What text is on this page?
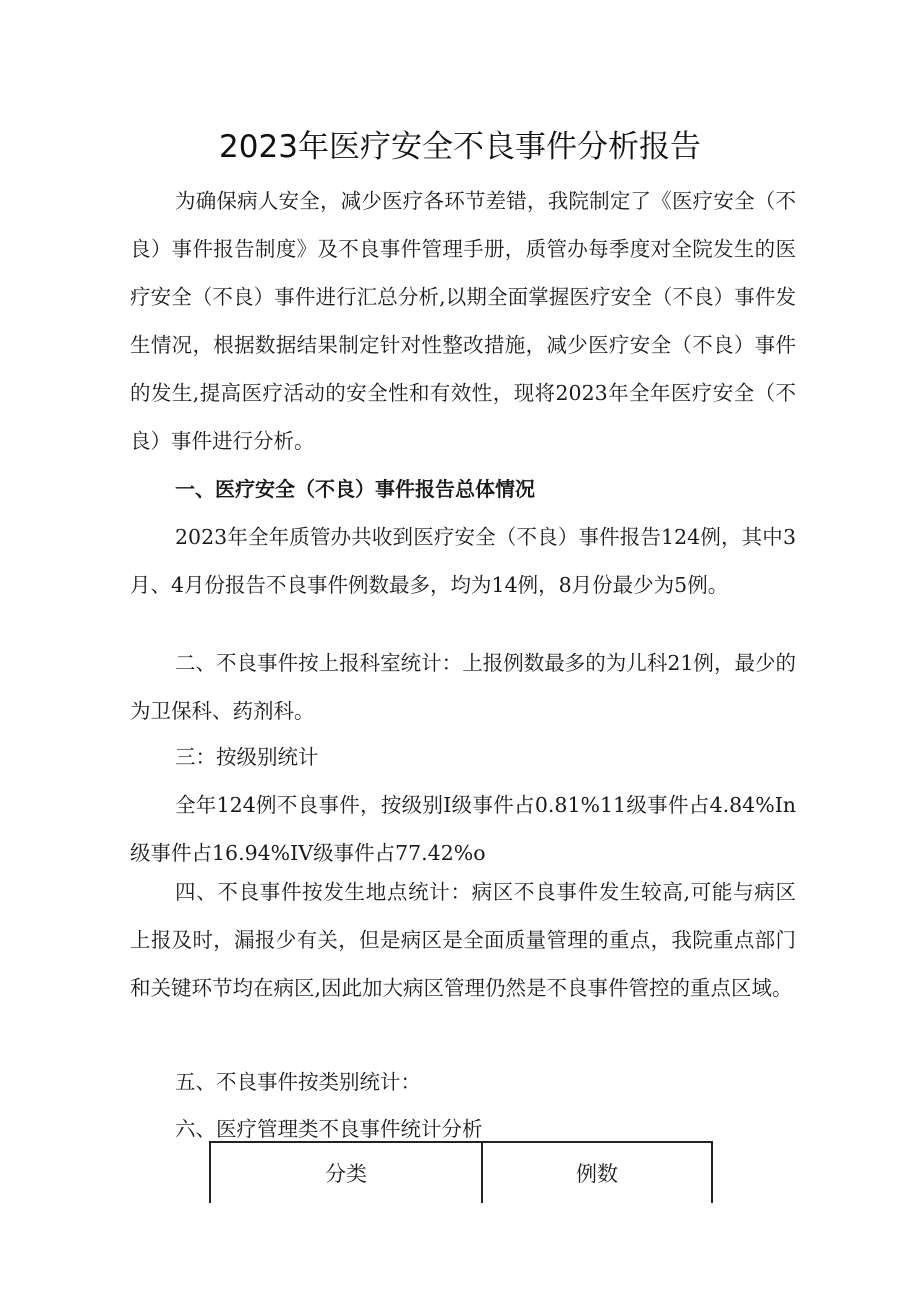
2023年医疗安全不良事件分析报告

为确保病人安全，减少医疗各环节差错，我院制定了《医疗安全（不良）事件报告制度》及不良事件管理手册，质管办每季度对全院发生的医疗安全（不良）事件进行汇总分析,以期全面掌握医疗安全（不良）事件发生情况，根据数据结果制定针对性整改措施，减少医疗安全（不良）事件的发生,提高医疗活动的安全性和有效性，现将2023年全年医疗安全（不良）事件进行分析。

一、医疗安全（不良）事件报告总体情况

2023年全年质管办共收到医疗安全（不良）事件报告124例，其中3月、4月份报告不良事件例数最多，均为14例，8月份最少为5例。

二、不良事件按上报科室统计：上报例数最多的为儿科21例，最少的为卫保科、药剂科。

三：按级别统计

全年124例不良事件，按级别Ⅰ级事件占0.81%11级事件占4.84%In级事件占16.94%IV级事件占77.42%o

四、不良事件按发生地点统计：病区不良事件发生较高,可能与病区上报及时，漏报少有关，但是病区是全面质量管理的重点，我院重点部门和关键环节均在病区,因此加大病区管理仍然是不良事件管控的重点区域。

五、不良事件按类别统计：

六、医疗管理类不良事件统计分析

分类	例数
